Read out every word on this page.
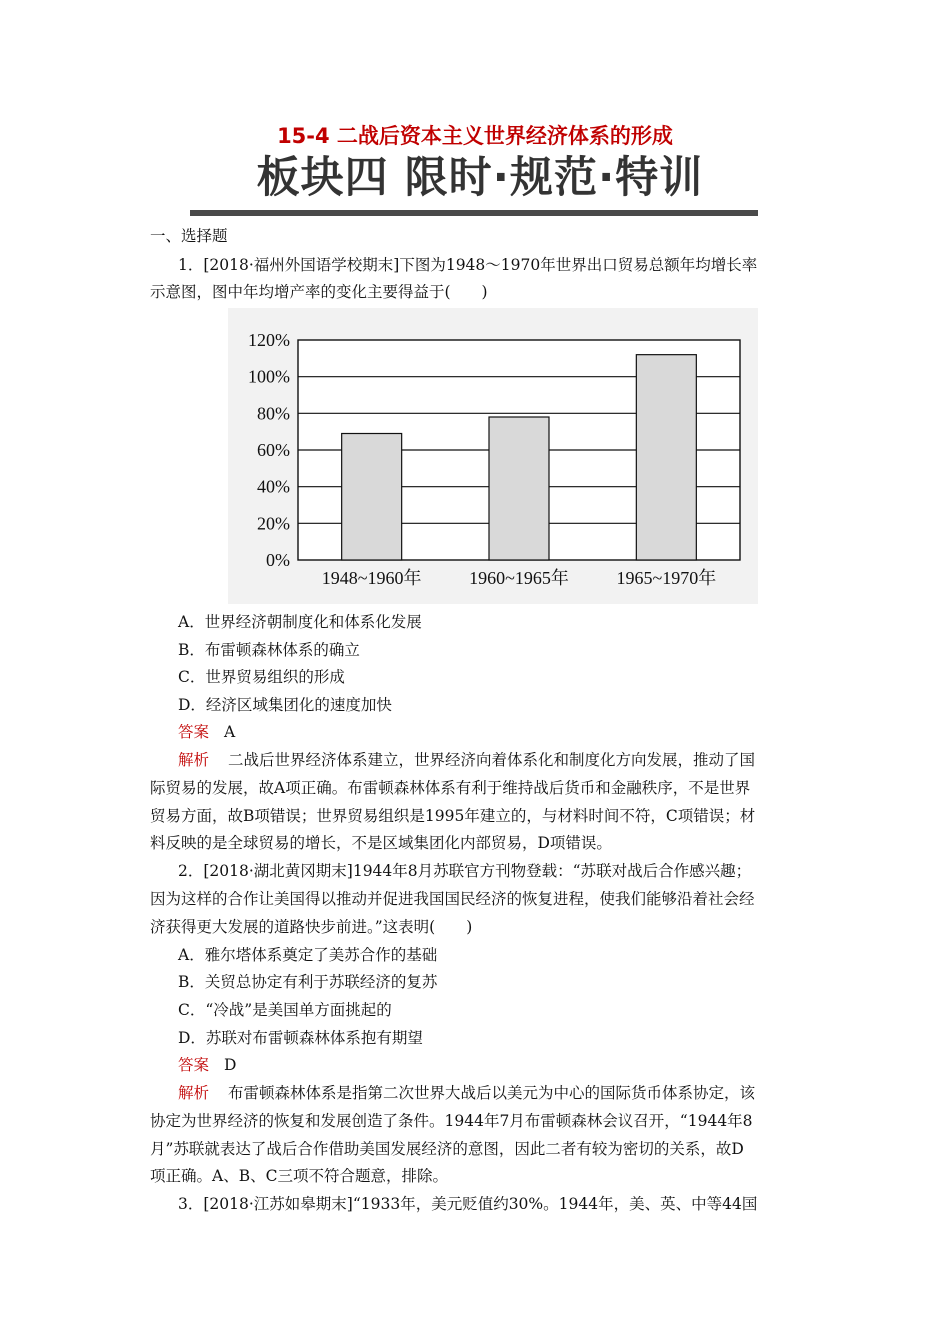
15-4 二战后资本主义世界经济体系的形成
板块四 限时·规范·特训
一、选择题
1．[2018·福州外国语学校期末]下图为1948～1970年世界出口贸易总额年均增长率
示意图，图中年均增产率的变化主要得益于(　　)
0%
20%
40%
60%
80%
100%
120%
1948~1960年	1960~1965年	1965~1970年
A．世界经济朝制度化和体系化发展
B．布雷顿森林体系的确立
C．世界贸易组织的形成
D．经济区域集团化的速度加快
答案 A
解析 二战后世界经济体系建立，世界经济向着体系化和制度化方向发展，推动了国
际贸易的发展，故A项正确。布雷顿森林体系有利于维持战后货币和金融秩序，不是世界
贸易方面，故B项错误；世界贸易组织是1995年建立的，与材料时间不符，C项错误；材
料反映的是全球贸易的增长，不是区域集团化内部贸易，D项错误。
2．[2018·湖北黄冈期末]1944年8月苏联官方刊物登载：“苏联对战后合作感兴趣；
因为这样的合作让美国得以推动并促进我国国民经济的恢复进程，使我们能够沿着社会经
济获得更大发展的道路快步前进。”这表明(　　)
A．雅尔塔体系奠定了美苏合作的基础
B．关贸总协定有利于苏联经济的复苏
C．“冷战”是美国单方面挑起的
D．苏联对布雷顿森林体系抱有期望
答案 D
解析 布雷顿森林体系是指第二次世界大战后以美元为中心的国际货币体系协定，该
协定为世界经济的恢复和发展创造了条件。1944年7月布雷顿森林会议召开，“1944年8
月”苏联就表达了战后合作借助美国发展经济的意图，因此二者有较为密切的关系，故D
项正确。A、B、C三项不符合题意，排除。
3．[2018·江苏如皋期末]“1933年，美元贬值约30%。1944年，美、英、中等44国
